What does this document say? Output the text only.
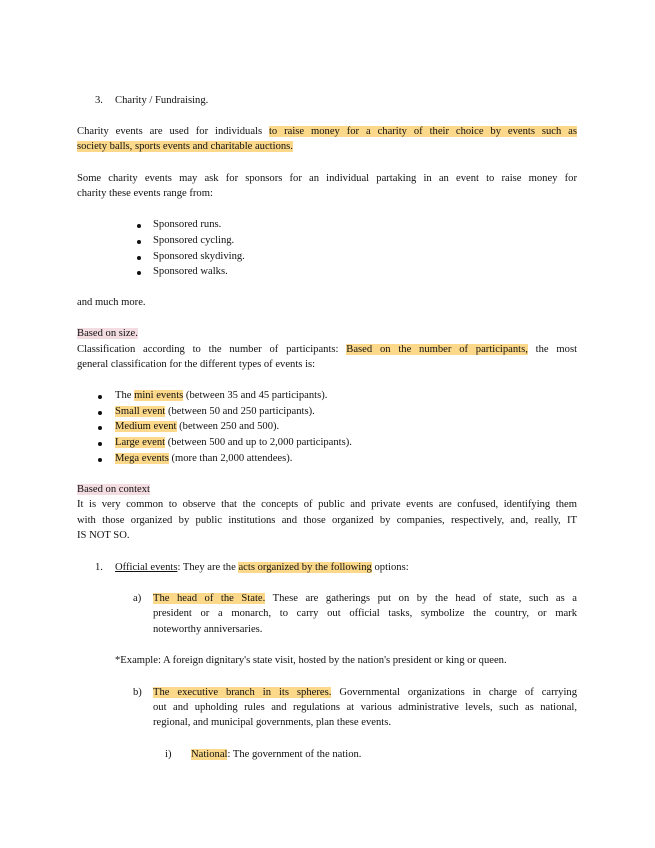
3. Charity / Fundraising.
Charity events are used for individuals to raise money for a charity of their choice by events such as
society balls, sports events and charitable auctions.
Some charity events may ask for sponsors for an individual partaking in an event to raise money for
charity these events range from:
Sponsored runs.
Sponsored cycling.
Sponsored skydiving.
Sponsored walks.
and much more.
Based on size.
Classification according to the number of participants: Based on the number of participants, the most
general classification for the different types of events is:
The mini events (between 35 and 45 participants).
Small event (between 50 and 250 participants).
Medium event (between 250 and 500).
Large event (between 500 and up to 2,000 participants).
Mega events (more than 2,000 attendees).
Based on context
It is very common to observe that the concepts of public and private events are confused, identifying them
with those organized by public institutions and those organized by companies, respectively, and, really, IT
IS NOT SO.
1. Official events: They are the acts organized by the following options:
a) The head of the State. These are gatherings put on by the head of state, such as a
president or a monarch, to carry out official tasks, symbolize the country, or mark
noteworthy anniversaries.
*Example: A foreign dignitary's state visit, hosted by the nation's president or king or queen.
b) The executive branch in its spheres. Governmental organizations in charge of carrying
out and upholding rules and regulations at various administrative levels, such as national,
regional, and municipal governments, plan these events.
i) National: The government of the nation.
